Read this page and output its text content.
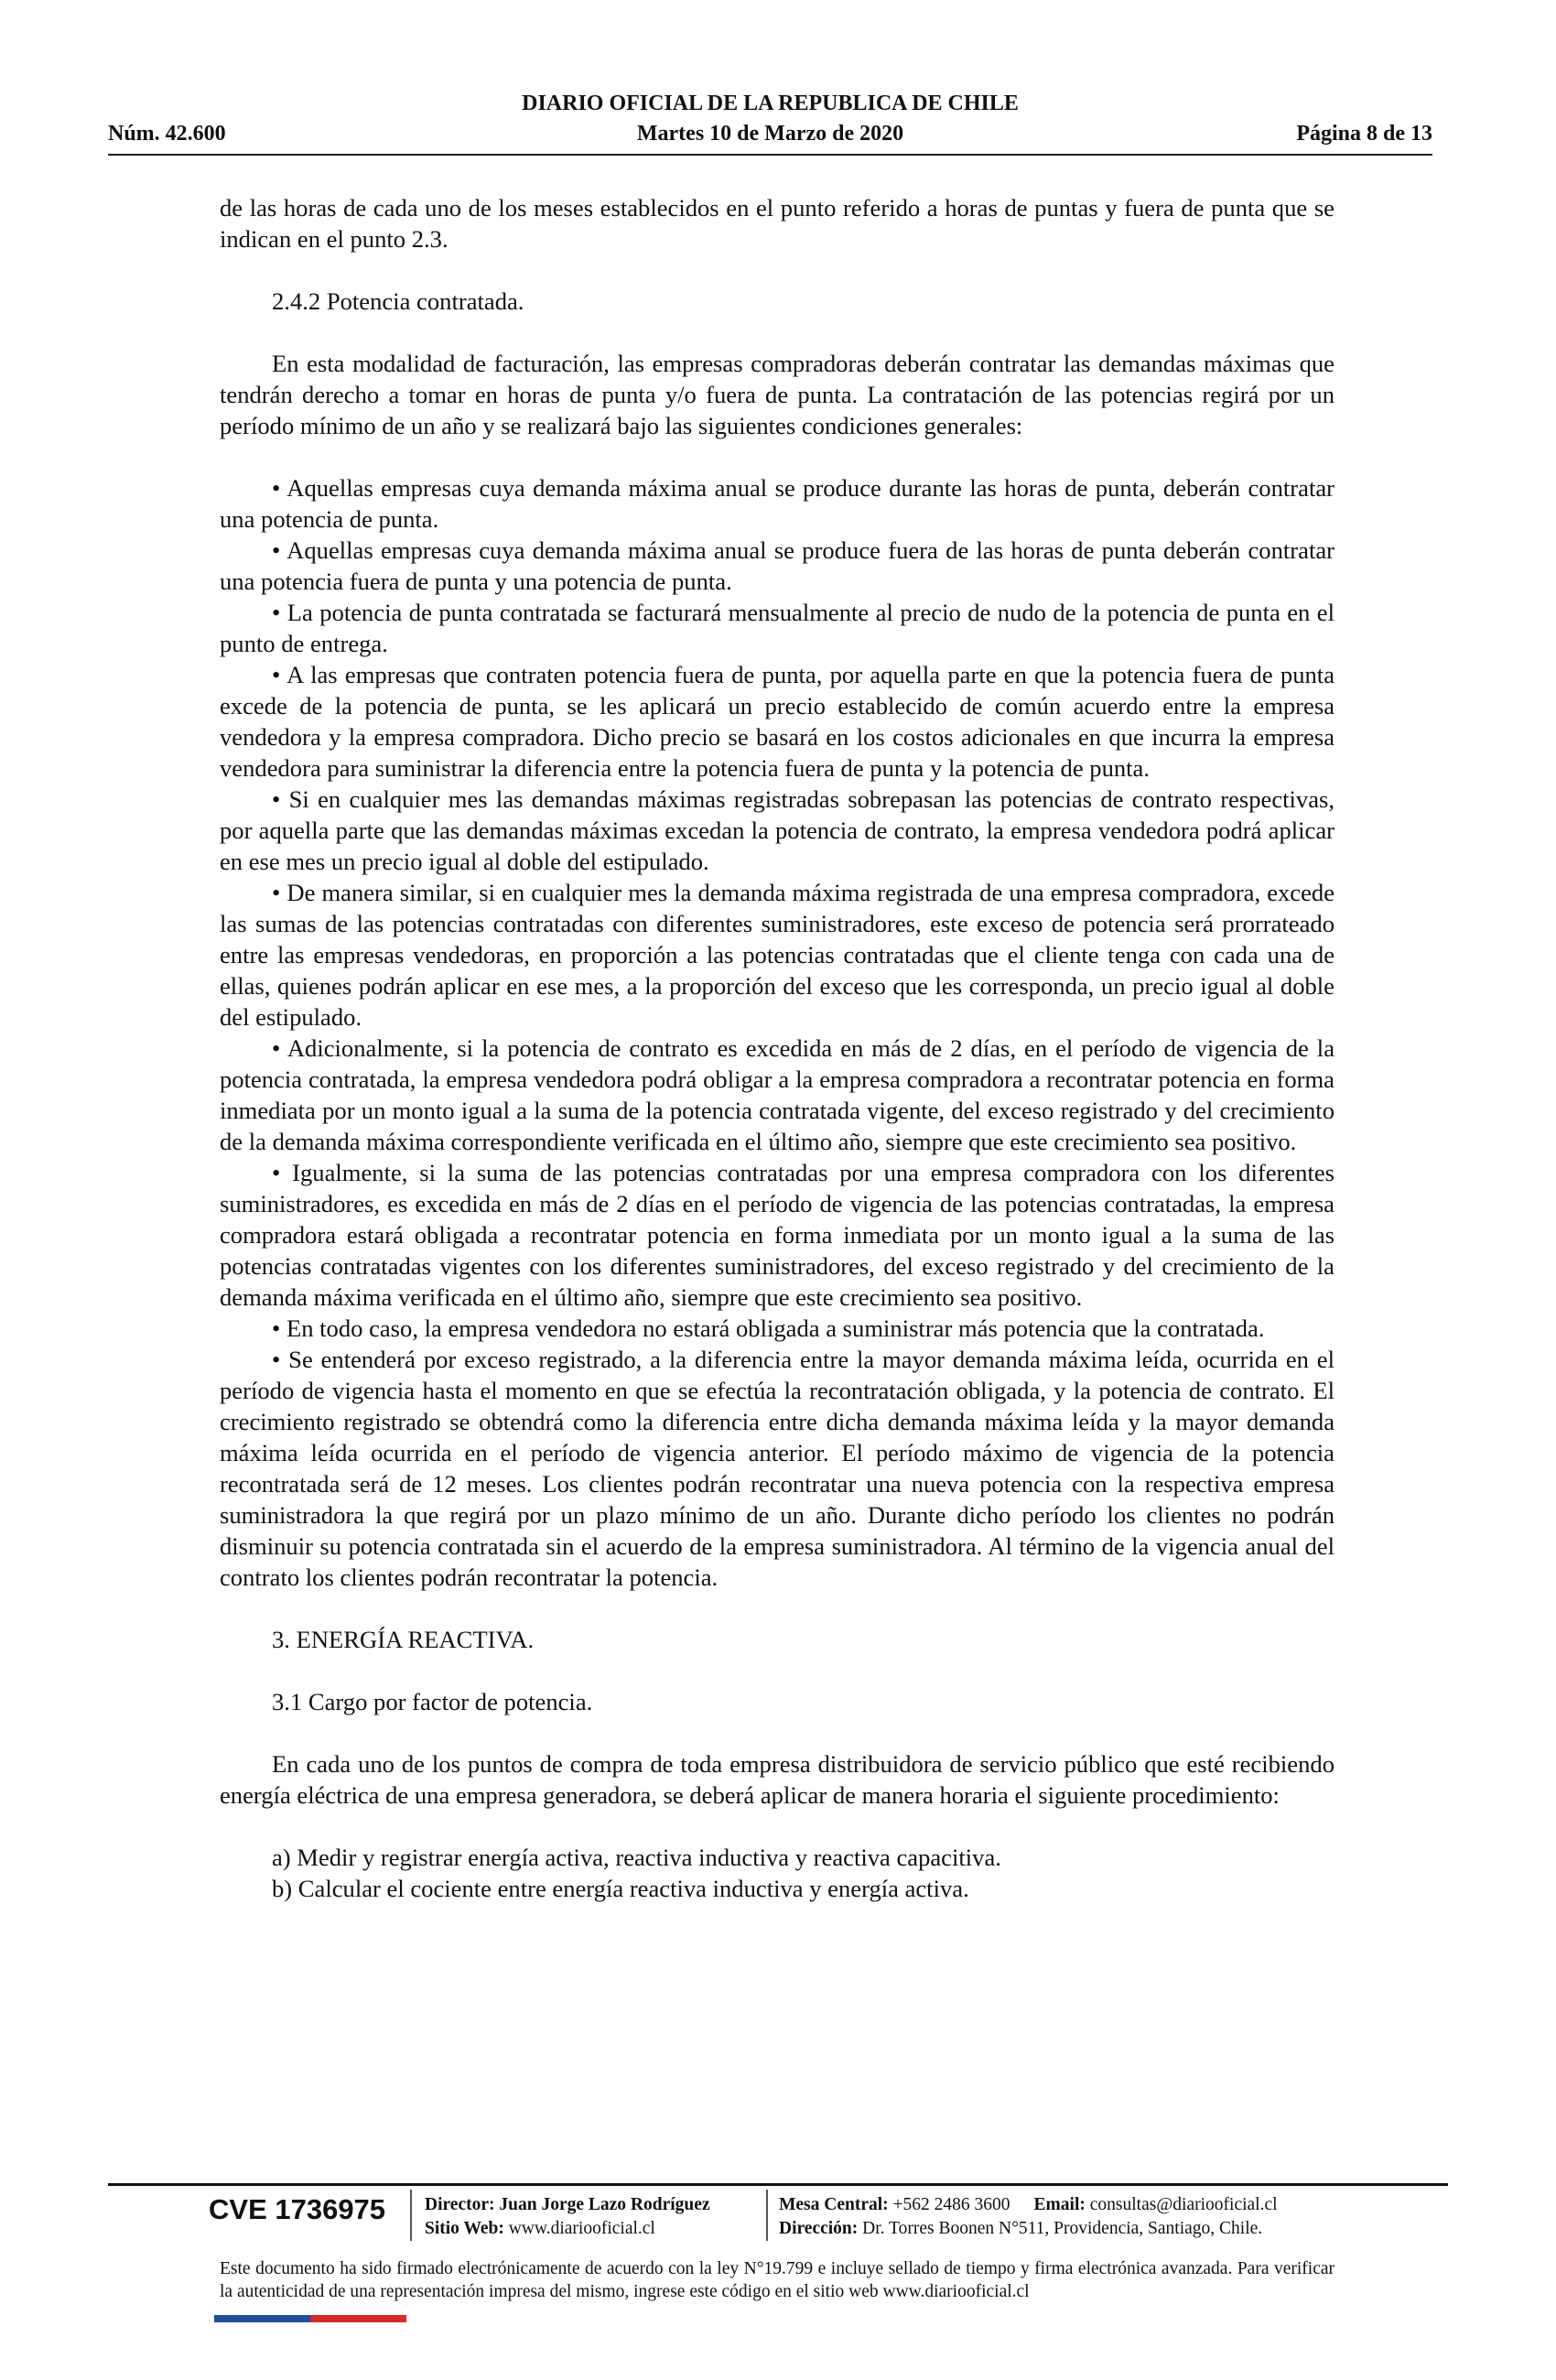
DIARIO OFICIAL DE LA REPUBLICA DE CHILE
Núm. 42.600	Martes 10 de Marzo de 2020	Página 8 de 13

de las horas de cada uno de los meses establecidos en el punto referido a horas de puntas y fuera de punta que se indican en el punto 2.3.

2.4.2 Potencia contratada.

En esta modalidad de facturación, las empresas compradoras deberán contratar las demandas máximas que tendrán derecho a tomar en horas de punta y/o fuera de punta. La contratación de las potencias regirá por un período mínimo de un año y se realizará bajo las siguientes condiciones generales:

• Aquellas empresas cuya demanda máxima anual se produce durante las horas de punta, deberán contratar una potencia de punta.

• Aquellas empresas cuya demanda máxima anual se produce fuera de las horas de punta deberán contratar una potencia fuera de punta y una potencia de punta.

• La potencia de punta contratada se facturará mensualmente al precio de nudo de la potencia de punta en el punto de entrega.

• A las empresas que contraten potencia fuera de punta, por aquella parte en que la potencia fuera de punta excede de la potencia de punta, se les aplicará un precio establecido de común acuerdo entre la empresa vendedora y la empresa compradora. Dicho precio se basará en los costos adicionales en que incurra la empresa vendedora para suministrar la diferencia entre la potencia fuera de punta y la potencia de punta.

• Si en cualquier mes las demandas máximas registradas sobrepasan las potencias de contrato respectivas, por aquella parte que las demandas máximas excedan la potencia de contrato, la empresa vendedora podrá aplicar en ese mes un precio igual al doble del estipulado.

• De manera similar, si en cualquier mes la demanda máxima registrada de una empresa compradora, excede las sumas de las potencias contratadas con diferentes suministradores, este exceso de potencia será prorrateado entre las empresas vendedoras, en proporción a las potencias contratadas que el cliente tenga con cada una de ellas, quienes podrán aplicar en ese mes, a la proporción del exceso que les corresponda, un precio igual al doble del estipulado.

• Adicionalmente, si la potencia de contrato es excedida en más de 2 días, en el período de vigencia de la potencia contratada, la empresa vendedora podrá obligar a la empresa compradora a recontratar potencia en forma inmediata por un monto igual a la suma de la potencia contratada vigente, del exceso registrado y del crecimiento de la demanda máxima correspondiente verificada en el último año, siempre que este crecimiento sea positivo.

• Igualmente, si la suma de las potencias contratadas por una empresa compradora con los diferentes suministradores, es excedida en más de 2 días en el período de vigencia de las potencias contratadas, la empresa compradora estará obligada a recontratar potencia en forma inmediata por un monto igual a la suma de las potencias contratadas vigentes con los diferentes suministradores, del exceso registrado y del crecimiento de la demanda máxima verificada en el último año, siempre que este crecimiento sea positivo.

• En todo caso, la empresa vendedora no estará obligada a suministrar más potencia que la contratada.

• Se entenderá por exceso registrado, a la diferencia entre la mayor demanda máxima leída, ocurrida en el período de vigencia hasta el momento en que se efectúa la recontratación obligada, y la potencia de contrato. El crecimiento registrado se obtendrá como la diferencia entre dicha demanda máxima leída y la mayor demanda máxima leída ocurrida en el período de vigencia anterior. El período máximo de vigencia de la potencia recontratada será de 12 meses. Los clientes podrán recontratar una nueva potencia con la respectiva empresa suministradora la que regirá por un plazo mínimo de un año. Durante dicho período los clientes no podrán disminuir su potencia contratada sin el acuerdo de la empresa suministradora. Al término de la vigencia anual del contrato los clientes podrán recontratar la potencia.

3. ENERGÍA REACTIVA.

3.1 Cargo por factor de potencia.

En cada uno de los puntos de compra de toda empresa distribuidora de servicio público que esté recibiendo energía eléctrica de una empresa generadora, se deberá aplicar de manera horaria el siguiente procedimiento:

a) Medir y registrar energía activa, reactiva inductiva y reactiva capacitiva.

b) Calcular el cociente entre energía reactiva inductiva y energía activa.

CVE 1736975 Director: Juan Jorge Lazo Rodríguez
Sitio Web: www.diariooficial.cl
Mesa Central: +562 2486 3600 Email: consultas@diariooficial.cl
Dirección: Dr. Torres Boonen N°511, Providencia, Santiago, Chile.
Este documento ha sido firmado electrónicamente de acuerdo con la ley N°19.799 e incluye sellado de tiempo y firma electrónica avanzada. Para verificar la autenticidad de una representación impresa del mismo, ingrese este código en el sitio web www.diariooficial.cl
